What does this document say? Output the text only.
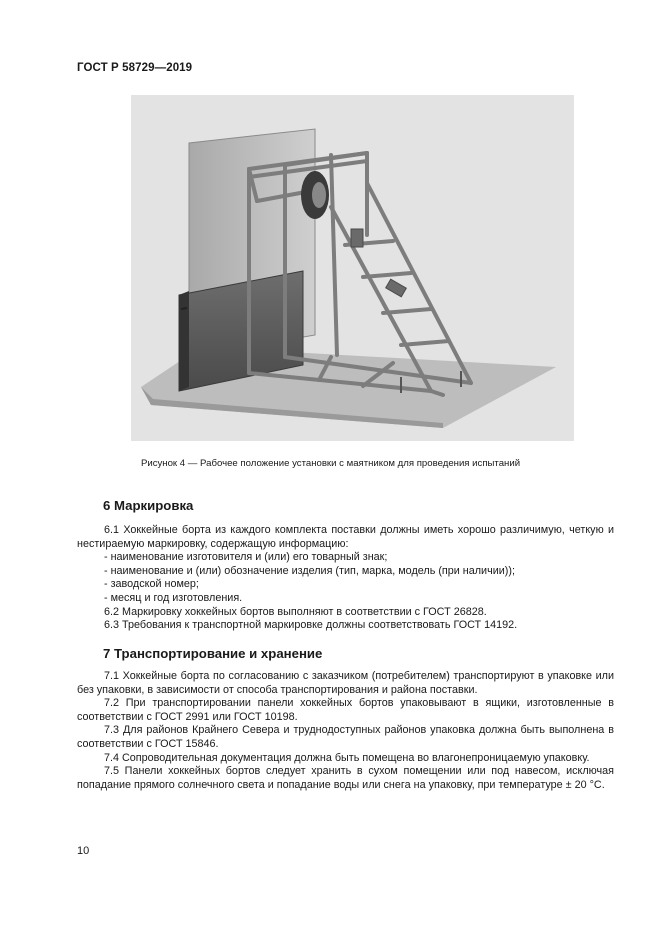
ГОСТ Р 58729—2019
Рисунок 4 — Рабочее положение установки с маятником для проведения испытаний
6 Маркировка

6.1 Хоккейные борта из каждого комплекта поставки должны иметь хорошо различимую, четкую и нестираемую маркировку, содержащую информацию:

- наименование изготовителя и (или) его товарный знак;

- наименование и (или) обозначение изделия (тип, марка, модель (при наличии));

- заводской номер;

- месяц и год изготовления.

6.2 Маркировку хоккейных бортов выполняют в соответствии с ГОСТ 26828.

6.3 Требования к транспортной маркировке должны соответствовать ГОСТ 14192.

7 Транспортирование и хранение

7.1 Хоккейные борта по согласованию с заказчиком (потребителем) транспортируют в упаковке или без упаковки, в зависимости от способа транспортирования и района поставки.

7.2 При транспортировании панели хоккейных бортов упаковывают в ящики, изготовленные в соответствии с ГОСТ 2991 или ГОСТ 10198.

7.3 Для районов Крайнего Севера и труднодоступных районов упаковка должна быть выполнена в соответствии с ГОСТ 15846.

7.4 Сопроводительная документация должна быть помещена во влагонепроницаемую упаковку.

7.5 Панели хоккейных бортов следует хранить в сухом помещении или под навесом, исключая попадание прямого солнечного света и попадание воды или снега на упаковку, при температуре ± 20 °С.

10
